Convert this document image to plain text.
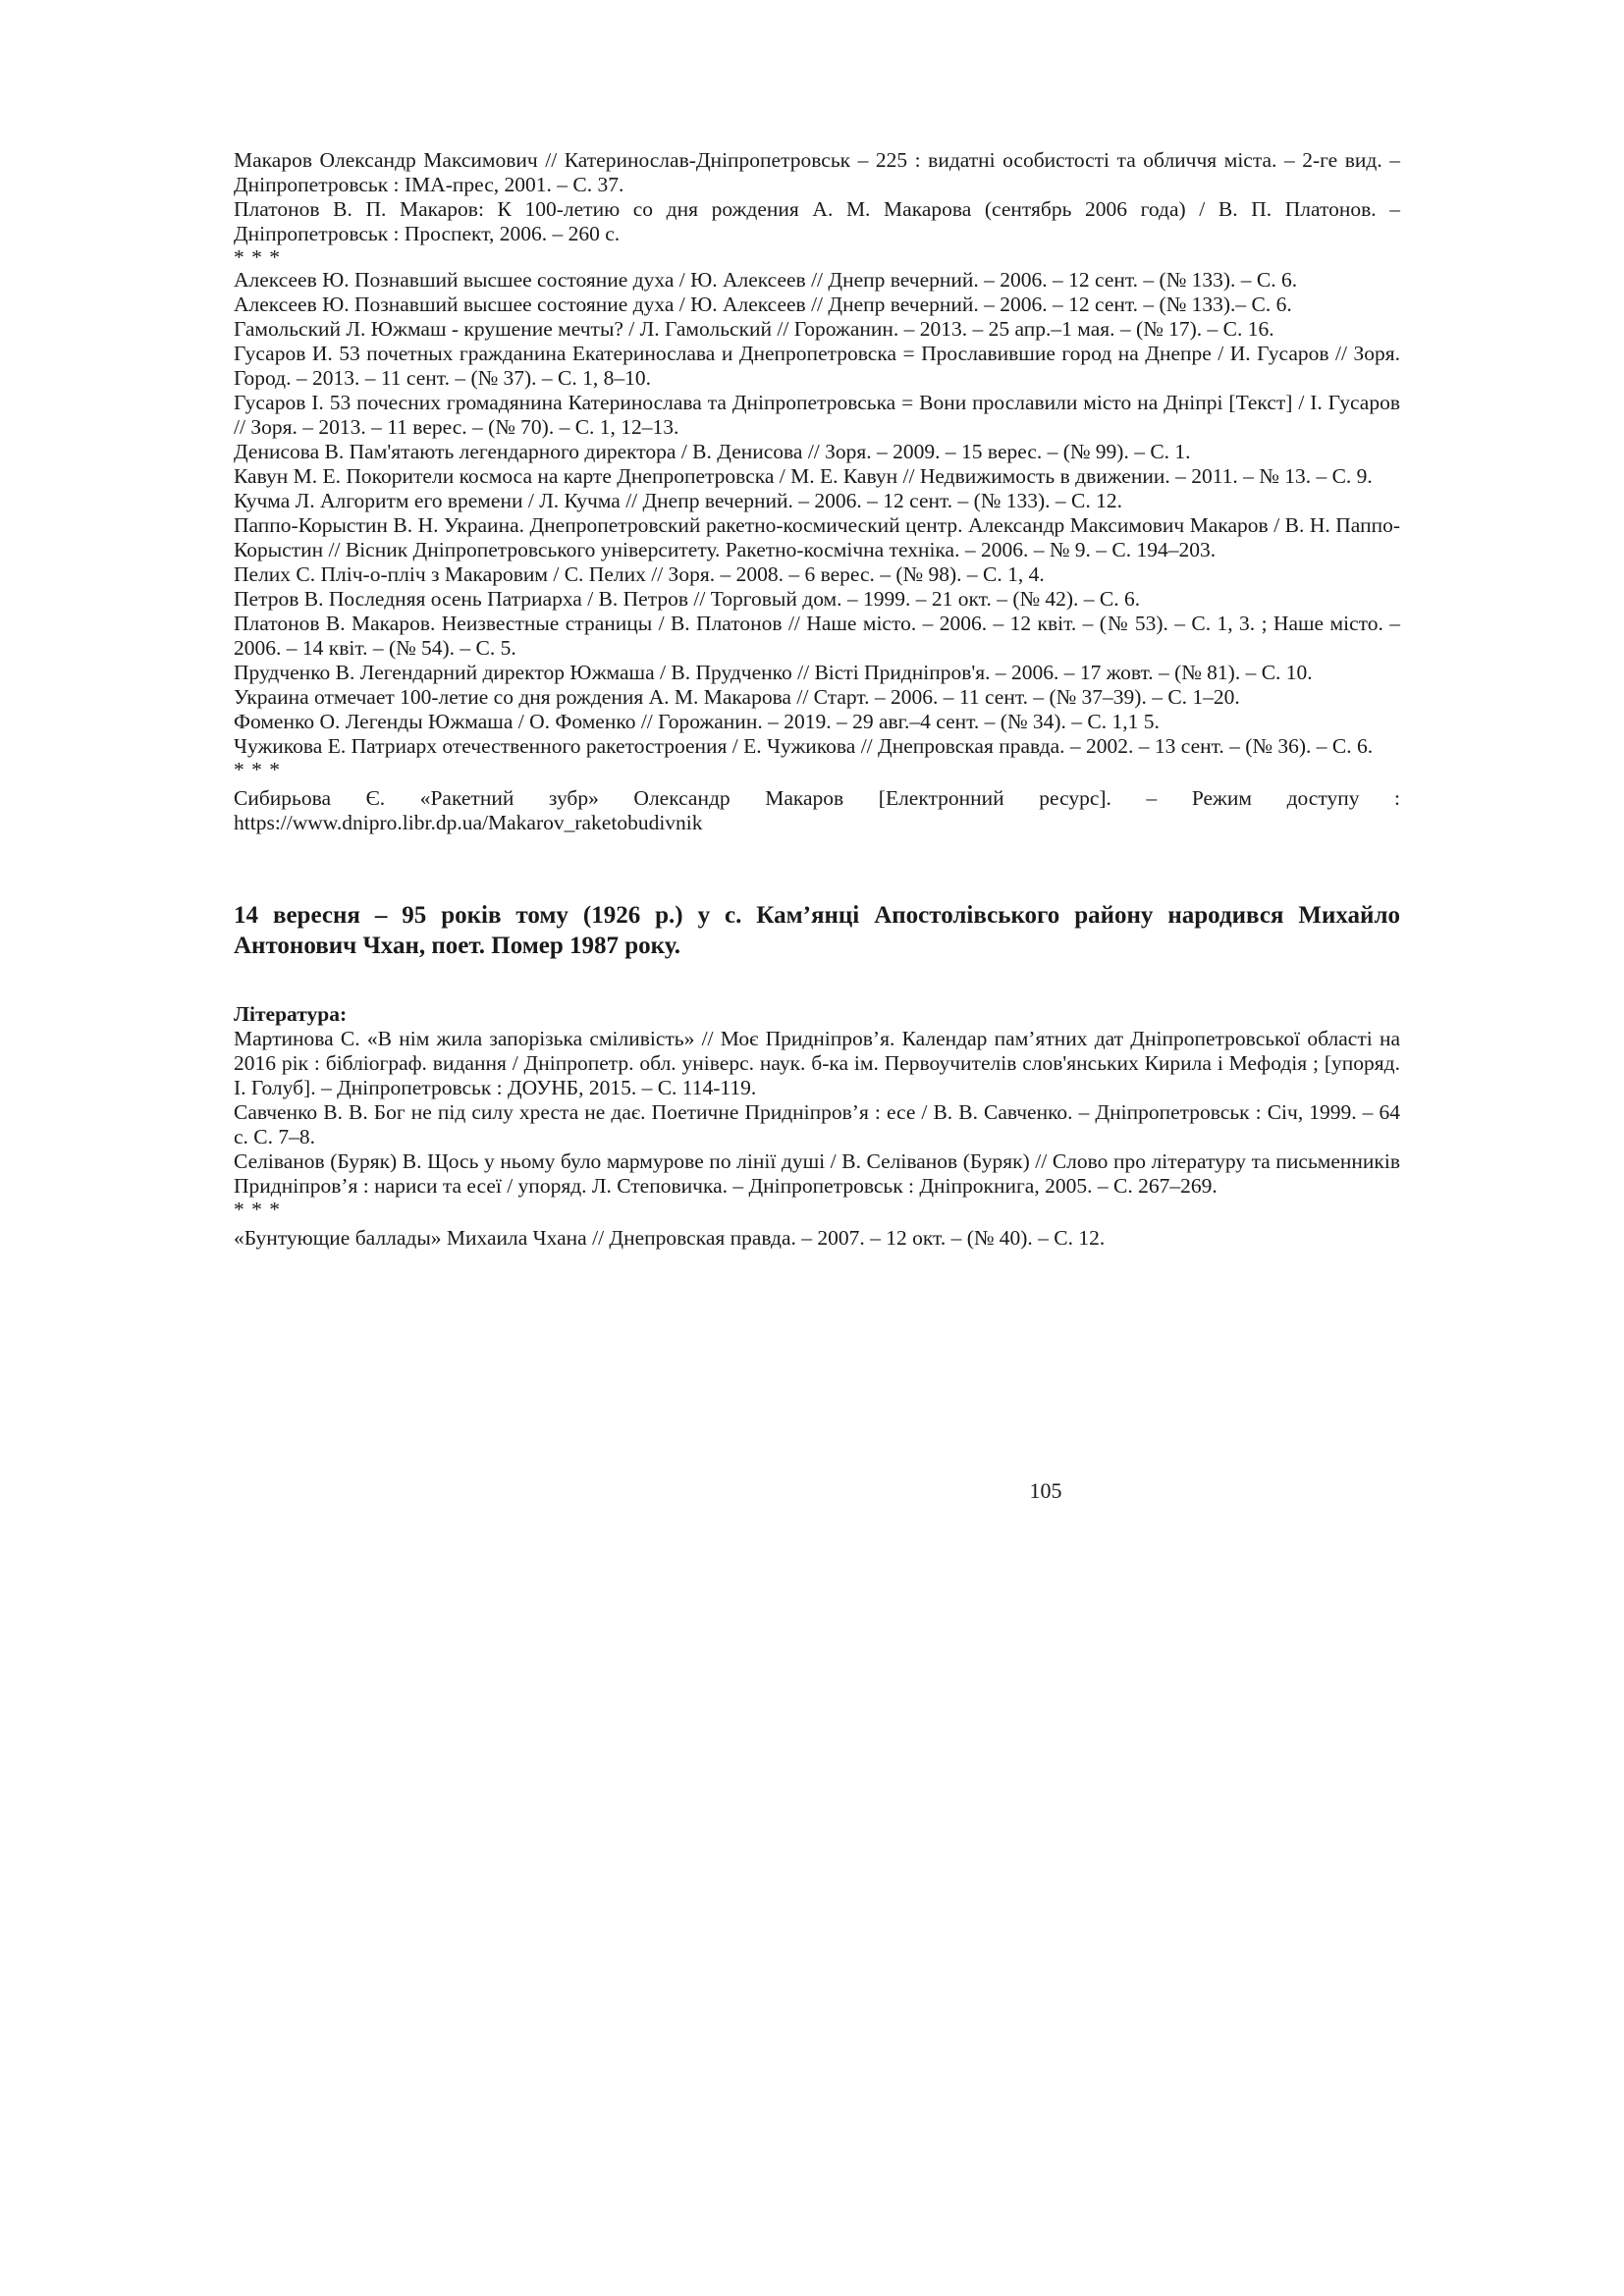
Макаров Олександр Максимович // Катеринослав-Дніпропетровськ – 225 : видатні особистості та обличчя міста. – 2-ге вид. –Дніпропетровськ : ІМА-прес, 2001. – С. 37.

Платонов В. П. Макаров: К 100-летию со дня рождения А. М. Макарова (сентябрь 2006 года) / В. П. Платонов. – Дніпропетровськ : Проспект, 2006. – 260 с.

* * *

Алексеев Ю. Познавший высшее состояние духа / Ю. Алексеев // Днепр вечерний. – 2006. – 12 сент. – (№ 133). – С. 6.

Алексеев Ю. Познавший высшее состояние духа / Ю. Алексеев // Днепр вечерний. – 2006. – 12 сент. – (№ 133).– С. 6.

Гамольский Л. Южмаш - крушение мечты? / Л. Гамольский // Горожанин. – 2013. – 25 апр.–1 мая. – (№ 17). – С. 16.

Гусаров И. 53 почетных гражданина Екатеринослава и Днепропетровска = Прославившие город на Днепре / И. Гусаров // Зоря. Город. – 2013. – 11 сент. – (№ 37). – С. 1, 8–10.

Гусаров І. 53 почесних громадянина Катеринослава та Дніпропетровська = Вони прославили місто на Дніпрі [Текст] / І. Гусаров // Зоря. – 2013. – 11 верес. – (№ 70). – С. 1, 12–13.

Денисова В. Пам'ятають легендарного директора / В. Денисова // Зоря. – 2009. – 15 верес. – (№ 99). – С. 1.

Кавун М. Е. Покорители космоса на карте Днепропетровска / М. Е. Кавун // Недвижимость в движении. – 2011. – № 13. – С. 9.

Кучма Л. Алгоритм его времени / Л. Кучма // Днепр вечерний. – 2006. – 12 сент. – (№ 133). – С. 12.

Паппо-Корыстин В. Н. Украина. Днепропетровский ракетно-космический центр. Александр Максимович Макаров / В. Н. Паппо-Корыстин // Вісник Дніпропетровського університету. Ракетно-космічна техніка. – 2006. – № 9. – С. 194–203.

Пелих С. Пліч-о-пліч з Макаровим / С. Пелих // Зоря. – 2008. – 6 верес. – (№ 98). – С. 1, 4.

Петров В. Последняя осень Патриарха / В. Петров // Торговый дом. – 1999. – 21 окт. – (№ 42). – С. 6.

Платонов В. Макаров. Неизвестные страницы / В. Платонов // Наше місто. – 2006. – 12 квіт. – (№ 53). – С. 1, 3. ; Наше місто. – 2006. – 14 квіт. – (№ 54). – С. 5.

Прудченко В. Легендарний директор Южмаша / В. Прудченко // Вісті Придніпров'я. – 2006. – 17 жовт. – (№ 81). – С. 10.

Украина отмечает 100-летие со дня рождения А. М. Макарова // Старт. – 2006. – 11 сент. – (№ 37–39). – С. 1–20.

Фоменко О. Легенды Южмаша / О. Фоменко // Горожанин. – 2019. – 29 авг.–4 сент. – (№ 34). – С. 1,1 5.

Чужикова Е. Патриарх отечественного ракетостроения / Е. Чужикова // Днепровская правда. – 2002. – 13 сент. – (№ 36). – С. 6.

* * *

Сибирьова Є. «Ракетний зубр» Олександр Макаров [Електронний ресурс]. – Режим доступу : https://www.dnipro.libr.dp.ua/Makarov_raketobudivnik

14 вересня – 95 років тому (1926 р.) у с. Кам’янці Апостолівського району народився Михайло Антонович Чхан, поет. Помер 1987 року.

Література:

Мартинова С. «В нім жила запорізька сміливість» // Моє Придніпров’я. Календар пам’ятних дат Дніпропетровської області на 2016 рік : бібліограф. видання / Дніпропетр. обл. універс. наук. б-ка ім. Первоучителів слов'янських Кирила і Мефодія ; [упоряд. І. Голуб]. – Дніпропетровськ : ДОУНБ, 2015. – С. 114-119.

Савченко В. В. Бог не під силу хреста не дає. Поетичне Придніпров’я : есе / В. В. Савченко. – Дніпропетровськ : Січ, 1999. – 64 с. С. 7–8.

Селіванов (Буряк) В. Щось у ньому було мармурове по лінії душі / В. Селіванов (Буряк) // Слово про літературу та письменників Придніпров’я : нариси та есеї / упоряд. Л. Степовичка. – Дніпропетровськ : Дніпрокнига, 2005. – С. 267–269.

* * *

«Бунтующие баллады» Михаила Чхана // Днепровская правда. – 2007. – 12 окт. – (№ 40). – С. 12.

105
